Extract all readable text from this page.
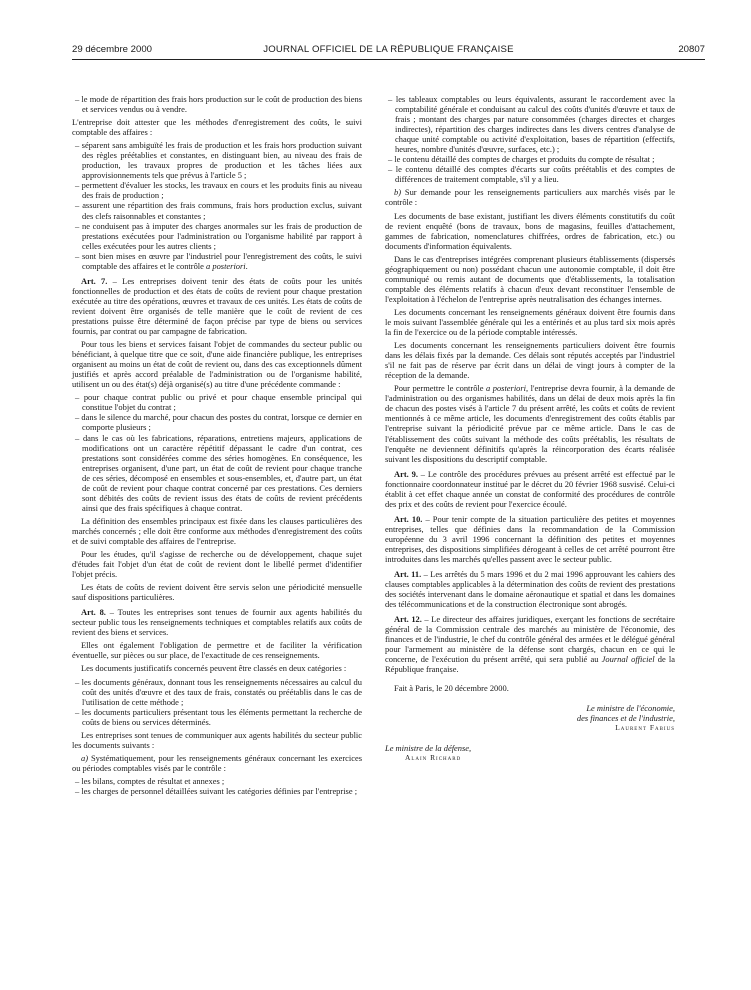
29 décembre 2000	JOURNAL OFFICIEL DE LA RÉPUBLIQUE FRANÇAISE	20807
– le mode de répartition des frais hors production sur le coût de production des biens et services vendus ou à vendre.

L'entreprise doit attester que les méthodes d'enregistrement des coûts, le suivi comptable des affaires :

– séparent sans ambiguïté les frais de production et les frais hors production suivant des règles préétablies et constantes, en distinguant bien, au niveau des frais de production, les travaux propres de production et les tâches liées aux approvisionnements tels que prévus à l'article 5 ;
– permettent d'évaluer les stocks, les travaux en cours et les produits finis au niveau des frais de production ;
– assurent une répartition des frais communs, frais hors production exclus, suivant des clefs raisonnables et constantes ;
– ne conduisent pas à imputer des charges anormales sur les frais de production de prestations exécutées pour l'administration ou l'organisme habilité par rapport à celles exécutées pour les autres clients ;
– sont bien mises en œuvre par l'industriel pour l'enregistrement des coûts, le suivi comptable des affaires et le contrôle a posteriori.

Art. 7. – Les entreprises doivent tenir des états de coûts pour les unités fonctionnelles de production et des états de coûts de revient pour chaque prestation exécutée au titre des opérations, œuvres et travaux de ces unités. Les états de coûts de revient doivent être organisés de telle manière que le coût de revient de ces prestations puisse être déterminé de façon précise par type de biens ou services fournis, par contrat ou par campagne de fabrication.

Pour tous les biens et services faisant l'objet de commandes du secteur public ou bénéficiant, à quelque titre que ce soit, d'une aide financière publique, les entreprises organisent au moins un état de coût de revient ou, dans des cas exceptionnels dûment justifiés et après accord préalable de l'administration ou de l'organisme habilité, utilisent un ou des état(s) déjà organisé(s) au titre d'une précédente commande :

– pour chaque contrat public ou privé et pour chaque ensemble principal qui constitue l'objet du contrat ;
– dans le silence du marché, pour chacun des postes du contrat, lorsque ce dernier en comporte plusieurs ;
– dans le cas où les fabrications, réparations, entretiens majeurs, applications de modifications ont un caractère répétitif dépassant le cadre d'un contrat, ces prestations sont considérées comme des séries homogènes. En conséquence, les entreprises organisent, d'une part, un état de coût de revient pour chaque tranche de ces séries, décomposé en ensembles et sous-ensembles, et, d'autre part, un état de coût de revient pour chaque contrat concerné par ces prestations. Ces derniers sont débités des coûts de revient issus des états de coûts de revient précédents ainsi que des frais spécifiques à chaque contrat.

La définition des ensembles principaux est fixée dans les clauses particulières des marchés concernés ; elle doit être conforme aux méthodes d'enregistrement des coûts et de suivi comptable des affaires de l'entreprise.

Pour les études, qu'il s'agisse de recherche ou de développement, chaque sujet d'études fait l'objet d'un état de coût de revient dont le libellé permet d'identifier l'objet précis.

Les états de coûts de revient doivent être servis selon une périodicité mensuelle sauf dispositions particulières.

Art. 8. – Toutes les entreprises sont tenues de fournir aux agents habilités du secteur public tous les renseignements techniques et comptables relatifs aux coûts de revient des biens et services.

Elles ont également l'obligation de permettre et de faciliter la vérification éventuelle, sur pièces ou sur place, de l'exactitude de ces renseignements.

Les documents justificatifs concernés peuvent être classés en deux catégories :

– les documents généraux, donnant tous les renseignements nécessaires au calcul du coût des unités d'œuvre et des taux de frais, constatés ou préétablis dans le cas de l'utilisation de cette méthode ;
– les documents particuliers présentant tous les éléments permettant la recherche de coûts de biens ou services déterminés.

Les entreprises sont tenues de communiquer aux agents habilités du secteur public les documents suivants :

a) Systématiquement, pour les renseignements généraux concernant les exercices ou périodes comptables visés par le contrôle :

– les bilans, comptes de résultat et annexes ;
– les charges de personnel détaillées suivant les catégories définies par l'entreprise ;
– les tableaux comptables ou leurs équivalents, assurant le raccordement avec la comptabilité générale et conduisant au calcul des coûts d'unités d'œuvre et taux de frais ; montant des charges par nature consommées (charges directes et charges indirectes), répartition des charges indirectes dans les divers centres d'analyse de chaque unité comptable ou activité d'exploitation, bases de répartition (effectifs, heures, nombre d'unités d'œuvre, surfaces, etc.) ;
– le contenu détaillé des comptes de charges et produits du compte de résultat ;
– le contenu détaillé des comptes d'écarts sur coûts préétablis et des comptes de différences de traitement comptable, s'il y a lieu.

b) Sur demande pour les renseignements particuliers aux marchés visés par le contrôle :

Les documents de base existant, justifiant les divers éléments constitutifs du coût de revient enquêté (bons de travaux, bons de magasins, feuilles d'attachement, gammes de fabrication, nomenclatures chiffrées, ordres de fabrication, etc.) ou documents d'information équivalents.

Dans le cas d'entreprises intégrées comprenant plusieurs établissements (dispersés géographiquement ou non) possédant chacun une autonomie comptable, il doit être communiqué ou remis autant de documents que d'établissements, la totalisation comptable des éléments relatifs à chacun d'eux devant reconstituer l'ensemble de l'exploitation à l'échelon de l'entreprise après neutralisation des échanges internes.

Les documents concernant les renseignements généraux doivent être fournis dans le mois suivant l'assemblée générale qui les a entérinés et au plus tard six mois après la fin de l'exercice ou de la période comptable intéressés.

Les documents concernant les renseignements particuliers doivent être fournis dans les délais fixés par la demande. Ces délais sont réputés acceptés par l'industriel s'il ne fait pas de réserve par écrit dans un délai de vingt jours à compter de la réception de la demande.

Pour permettre le contrôle a posteriori, l'entreprise devra fournir, à la demande de l'administration ou des organismes habilités, dans un délai de deux mois après la fin de chacun des postes visés à l'article 7 du présent arrêté, les coûts et coûts de revient mentionnés à ce même article, les documents d'enregistrement des coûts établis par l'entreprise suivant la périodicité prévue par ce même article. Dans le cas de l'établissement des coûts suivant la méthode des coûts préétablis, les résultats de l'enquête ne deviennent définitifs qu'après la réincorporation des écarts réalisée suivant les dispositions du descriptif comptable.

Art. 9. – Le contrôle des procédures prévues au présent arrêté est effectué par le fonctionnaire coordonnateur institué par le décret du 20 février 1968 susvisé. Celui-ci établit à cet effet chaque année un constat de conformité des procédures de contrôle des prix et des coûts de revient pour l'exercice écoulé.

Art. 10. – Pour tenir compte de la situation particulière des petites et moyennes entreprises, telles que définies dans la recommandation de la Commission européenne du 3 avril 1996 concernant la définition des petites et moyennes entreprises, des dispositions simplifiées dérogeant à celles de cet arrêté pourront être introduites dans les marchés qu'elles passent avec le secteur public.

Art. 11. – Les arrêtés du 5 mars 1996 et du 2 mai 1996 approuvant les cahiers des clauses comptables applicables à la détermination des coûts de revient des prestations des sociétés intervenant dans le domaine aéronautique et spatial et dans les domaines des télécommunications et de la construction électronique sont abrogés.

Art. 12. – Le directeur des affaires juridiques, exerçant les fonctions de secrétaire général de la Commission centrale des marchés au ministère de l'économie, des finances et de l'industrie, le chef du contrôle général des armées et le délégué général pour l'armement au ministère de la défense sont chargés, chacun en ce qui le concerne, de l'exécution du présent arrêté, qui sera publié au Journal officiel de la République française.

Fait à Paris, le 20 décembre 2000.

Le ministre de l'économie,

des finances et de l'industrie,

Laurent Fabius

Le ministre de la défense,

Alain Richard
